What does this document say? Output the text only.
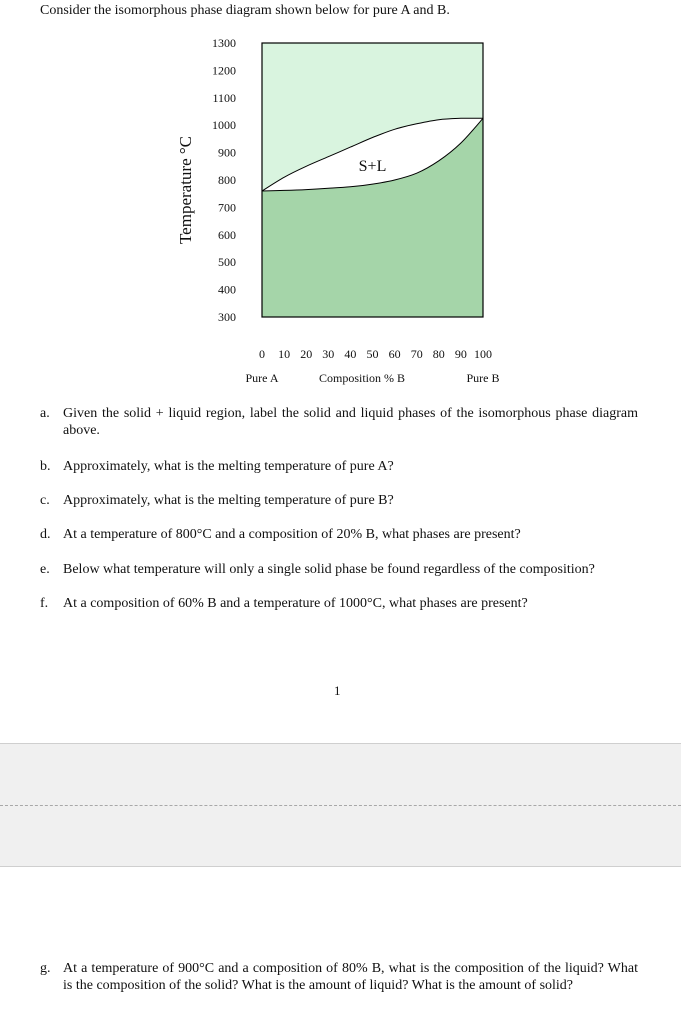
Consider the isomorphous phase diagram shown below for pure A and B.
1300
1200
1100
1000
900
800
700
600
500
400
300
Temperature °C
0 10 20 30 40 50 60 70 80 90 100
Pure A	Composition % B	Pure B
S+L
a. Given the solid + liquid region, label the solid and liquid phases of the isomorphous phase diagram above.
b. Approximately, what is the melting temperature of pure A?
c. Approximately, what is the melting temperature of pure B?
d. At a temperature of 800°C and a composition of 20% B, what phases are present?
e. Below what temperature will only a single solid phase be found regardless of the composition?
f.	At a composition of 60% B and a temperature of 1000°C, what phases are present?
1
g. At a temperature of 900°C and a composition of 80% B, what is the composition of the liquid? What is the composition of the solid? What is the amount of liquid? What is the amount of solid?
